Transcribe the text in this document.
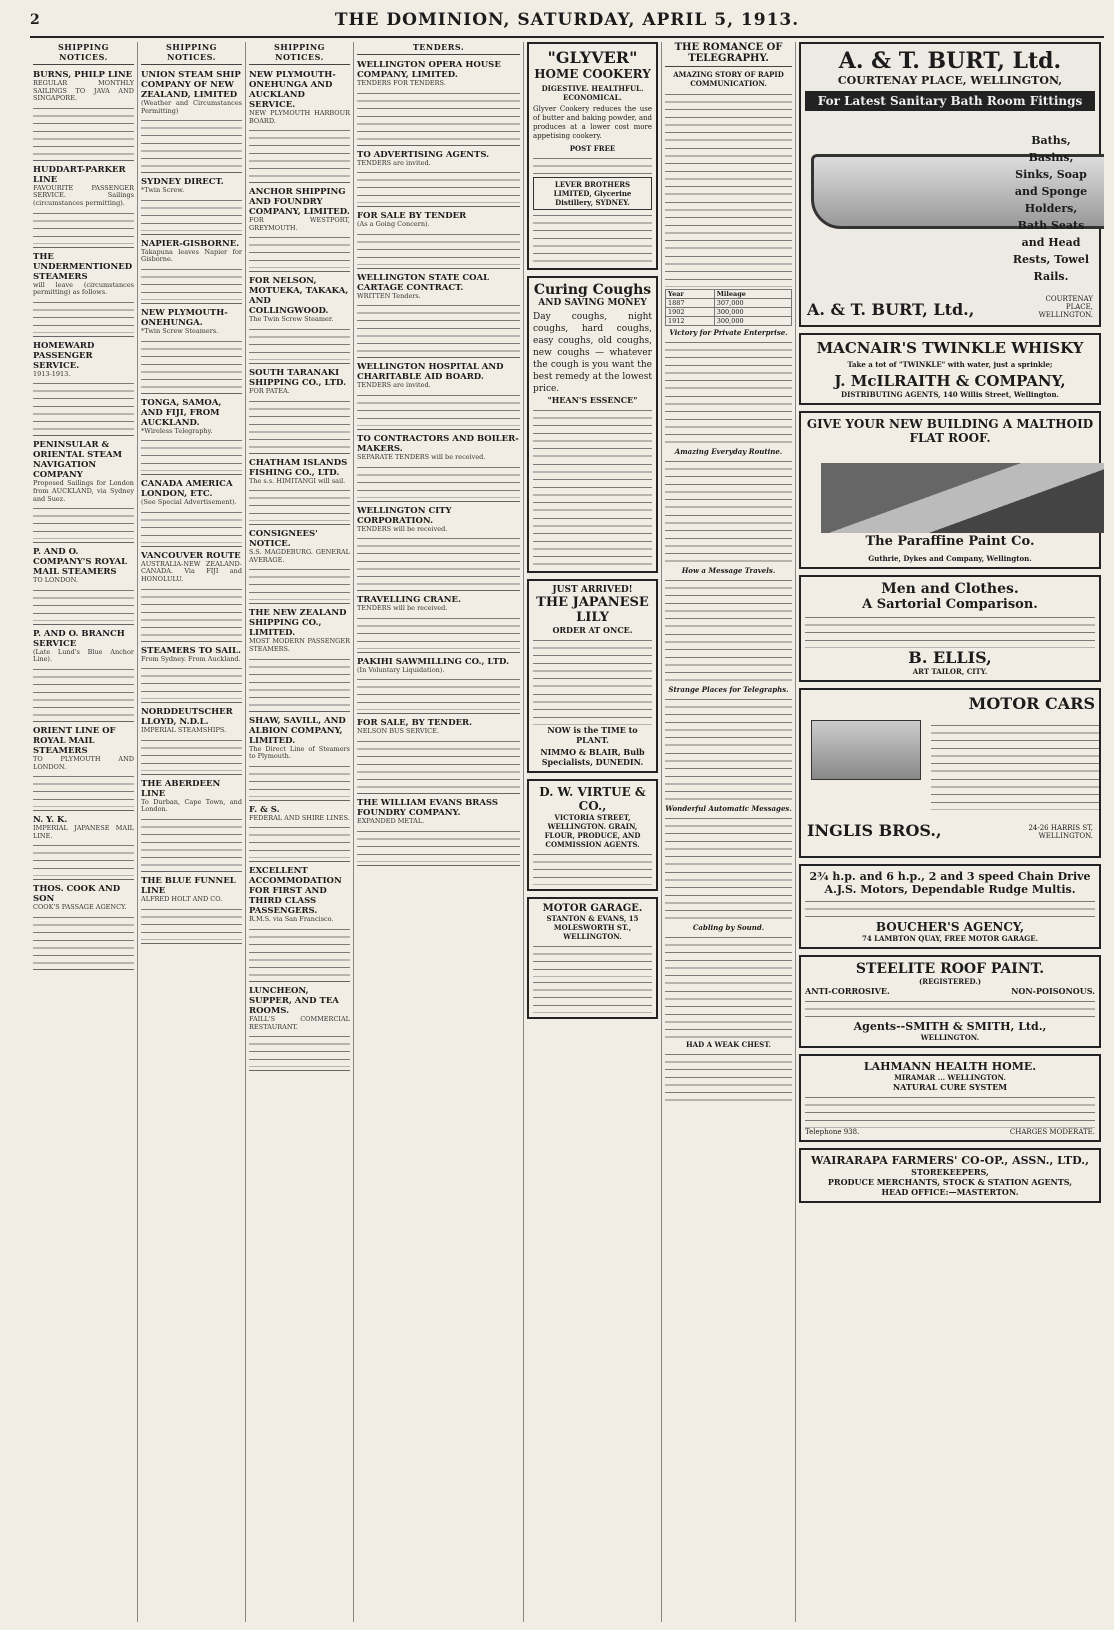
2	THE DOMINION, SATURDAY, APRIL 5, 1913.
SHIPPING NOTICES.
BURNS, PHILP LINE

REGULAR MONTHLY SAILINGS TO JAVA AND SINGAPORE.

HUDDART-PARKER LINE

FAVOURITE PASSENGER SERVICE. Sailings (circumstances permitting).

THE UNDERMENTIONED STEAMERS

will leave (circumstances permitting) as follows.

HOMEWARD PASSENGER SERVICE.

1913-1913.

PENINSULAR & ORIENTAL STEAM NAVIGATION COMPANY

Proposed Sailings for London from AUCKLAND, via Sydney and Suez.

P. AND O. COMPANY'S ROYAL MAIL STEAMERS

TO LONDON.

P. AND O. BRANCH SERVICE

(Late Lund's Blue Anchor Line).

ORIENT LINE OF ROYAL MAIL STEAMERS

TO PLYMOUTH AND LONDON.

N. Y. K.

IMPERIAL JAPANESE MAIL LINE.

THOS. COOK AND SON

COOK'S PASSAGE AGENCY.

SHIPPING NOTICES.
UNION STEAM SHIP COMPANY OF NEW ZEALAND, LIMITED

(Weather and Circumstances Permitting)

SYDNEY DIRECT.

*Twin Screw.

NAPIER-GISBORNE.

Takapuna leaves Napier for Gisborne.

NEW PLYMOUTH-ONEHUNGA.

*Twin Screw Steamers.

TONGA, SAMOA, AND FIJI, FROM AUCKLAND.

*Wireless Telegraphy.

CANADA AMERICA LONDON, ETC.

(See Special Advertisement).

VANCOUVER ROUTE

AUSTRALIA-NEW ZEALAND-CANADA. Via FIJI and HONOLULU.

STEAMERS TO SAIL.

From Sydney. From Auckland.

NORDDEUTSCHER LLOYD, N.D.L.

IMPERIAL STEAMSHIPS.

THE ABERDEEN LINE

To Durban, Cape Town, and London.

THE BLUE FUNNEL LINE

ALFRED HOLT AND CO.

SHIPPING NOTICES.
NEW PLYMOUTH-ONEHUNGA AND AUCKLAND SERVICE.

NEW PLYMOUTH HARBOUR BOARD.

ANCHOR SHIPPING AND FOUNDRY COMPANY, LIMITED.

FOR WESTPORT, GREYMOUTH.

FOR NELSON, MOTUEKA, TAKAKA, AND COLLINGWOOD.

The Twin Screw Steamer.

SOUTH TARANAKI SHIPPING CO., LTD.

FOR PATEA.

CHATHAM ISLANDS FISHING CO., LTD.

The s.s. HIMITANGI will sail.

CONSIGNEES' NOTICE.

S.S. MAGDEBURG. GENERAL AVERAGE.

THE NEW ZEALAND SHIPPING CO., LIMITED.

MOST MODERN PASSENGER STEAMERS.

SHAW, SAVILL, AND ALBION COMPANY, LIMITED.

The Direct Line of Steamers to Plymouth.

F. & S.

FEDERAL AND SHIRE LINES.

EXCELLENT ACCOMMODATION FOR FIRST AND THIRD CLASS PASSENGERS.

R.M.S. via San Francisco.

LUNCHEON, SUPPER, AND TEA ROOMS.

FAILL'S COMMERCIAL RESTAURANT.

TENDERS.
WELLINGTON OPERA HOUSE COMPANY, LIMITED.

TENDERS FOR TENDERS.

TO ADVERTISING AGENTS.

TENDERS are invited.

FOR SALE BY TENDER

(As a Going Concern).

WELLINGTON STATE COAL CARTAGE CONTRACT.

WRITTEN Tenders.

WELLINGTON HOSPITAL AND CHARITABLE AID BOARD.

TENDERS are invited.

TO CONTRACTORS AND BOILER-MAKERS.

SEPARATE TENDERS will be received.

WELLINGTON CITY CORPORATION.

TENDERS will be received.

TRAVELLING CRANE.

TENDERS will be received.

PAKIHI SAWMILLING CO., LTD.

(In Voluntary Liquidation).

FOR SALE, BY TENDER.

NELSON BUS SERVICE.

THE WILLIAM EVANS BRASS FOUNDRY COMPANY.

EXPANDED METAL.

"GLYVER"
HOME COOKERY
DIGESTIVE. HEALTHFUL. ECONOMICAL.

Glyver Cookery reduces the use of butter and baking powder, and produces at a lower cost more appetising cookery.

POST FREE
LEVER BROTHERS LIMITED, Glycerine Distillery, SYDNEY.
Curing Coughs
AND SAVING MONEY

Day coughs, night coughs, hard coughs, easy coughs, old coughs, new coughs — whatever the cough is you want the best remedy at the lowest price.

"HEAN'S ESSENCE"
JUST ARRIVED!
THE JAPANESE LILY
ORDER AT ONCE.
NOW is the TIME to PLANT.
NIMMO & BLAIR, Bulb Specialists, DUNEDIN.
D. W. VIRTUE & CO.,
VICTORIA STREET, WELLINGTON. GRAIN, FLOUR, PRODUCE, AND COMMISSION AGENTS.
MOTOR GARAGE.
STANTON & EVANS, 15 MOLESWORTH ST., WELLINGTON.
THE ROMANCE OF TELEGRAPHY.
AMAZING STORY OF RAPID COMMUNICATION.
Year	Mileage
1887	307,000
1902	300,000
1912	300,000
Victory for Private Enterprise.
Amazing Everyday Routine.
How a Message Travels.
Strange Places for Telegraphs.
Wonderful Automatic Messages.
Cabling by Sound.
HAD A WEAK CHEST.
A. & T. BURT, Ltd.
COURTENAY PLACE, WELLINGTON,
For Latest Sanitary Bath Room Fittings
Baths, Basins, Sinks, Soap and Sponge Holders, Bath Seats and Head Rests, Towel Rails.
A. & T. BURT, Ltd.,
COURTENAY PLACE, WELLINGTON.
MACNAIR'S TWINKLE WHISKY
Take a tot of "TWINKLE" with water, just a sprinkle;
J. McILRAITH & COMPANY,
DISTRIBUTING AGENTS, 140 Willis Street, Wellington.
GIVE YOUR NEW BUILDING A MALTHOID FLAT ROOF.
The Paraffine Paint Co.
Guthrie, Dykes and Company, Wellington.
Men and Clothes.
A Sartorial Comparison.
B. ELLIS,
ART TAILOR, CITY.
MOTOR CARS
INGLIS BROS.,	24-26 HARRIS ST, WELLINGTON.
2¾ h.p. and 6 h.p., 2 and 3 speed Chain Drive A.J.S. Motors, Dependable Rudge Multis.
BOUCHER'S AGENCY,
74 LAMBTON QUAY, FREE MOTOR GARAGE.
STEELITE ROOF PAINT.
(REGISTERED.)
ANTI-CORROSIVE.	NON-POISONOUS.
Agents--SMITH & SMITH, Ltd.,
WELLINGTON.
LAHMANN HEALTH HOME.
MIRAMAR ... WELLINGTON.
NATURAL CURE SYSTEM
Telephone 938.	CHARGES MODERATE.
WAIRARAPA FARMERS' CO-OP., ASSN., LTD.,
STOREKEEPERS,
PRODUCE MERCHANTS, STOCK & STATION AGENTS,
HEAD OFFICE:—MASTERTON.
